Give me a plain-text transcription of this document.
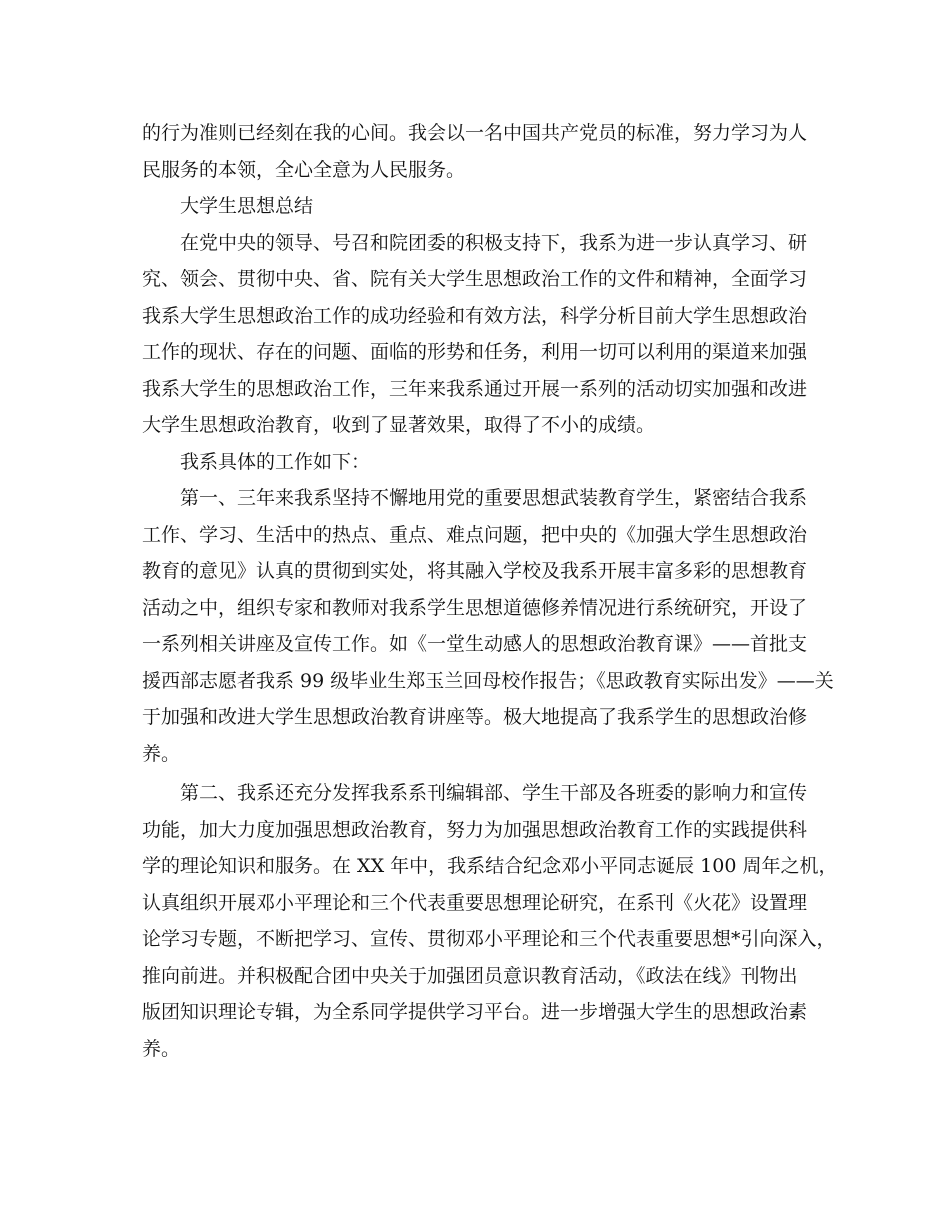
的行为准则已经刻在我的心间。我会以一名中国共产党员的标准，努力学习为人
民服务的本领，全心全意为人民服务。
大学生思想总结
在党中央的领导、号召和院团委的积极支持下，我系为进一步认真学习、研
究、领会、贯彻中央、省、院有关大学生思想政治工作的文件和精神，全面学习
我系大学生思想政治工作的成功经验和有效方法，科学分析目前大学生思想政治
工作的现状、存在的问题、面临的形势和任务，利用一切可以利用的渠道来加强
我系大学生的思想政治工作，三年来我系通过开展一系列的活动切实加强和改进
大学生思想政治教育，收到了显著效果，取得了不小的成绩。
我系具体的工作如下：
第一、三年来我系坚持不懈地用党的重要思想武装教育学生，紧密结合我系
工作、学习、生活中的热点、重点、难点问题，把中央的《加强大学生思想政治
教育的意见》认真的贯彻到实处，将其融入学校及我系开展丰富多彩的思想教育
活动之中，组织专家和教师对我系学生思想道德修养情况进行系统研究，开设了
一系列相关讲座及宣传工作。如《一堂生动感人的思想政治教育课》——首批支
援西部志愿者我系 99 级毕业生郑玉兰回母校作报告；《思政教育实际出发》——关
于加强和改进大学生思想政治教育讲座等。极大地提高了我系学生的思想政治修
养。
第二、我系还充分发挥我系系刊编辑部、学生干部及各班委的影响力和宣传
功能，加大力度加强思想政治教育，努力为加强思想政治教育工作的实践提供科
学的理论知识和服务。在 XX 年中，我系结合纪念邓小平同志诞辰 100 周年之机，
认真组织开展邓小平理论和三个代表重要思想理论研究，在系刊《火花》设置理
论学习专题，不断把学习、宣传、贯彻邓小平理论和三个代表重要思想*引向深入，
推向前进。并积极配合团中央关于加强团员意识教育活动，《政法在线》刊物出
版团知识理论专辑，为全系同学提供学习平台。进一步增强大学生的思想政治素
养。
